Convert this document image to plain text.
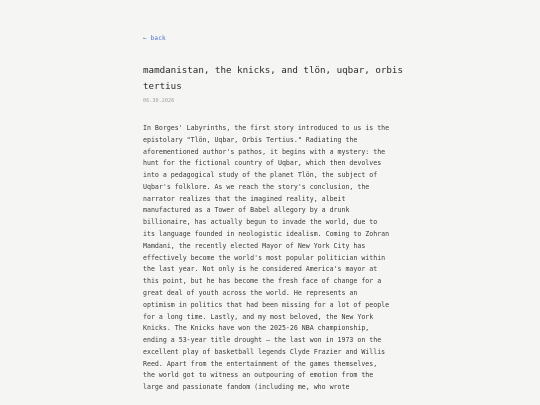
← back
mamdanistan, the knicks, and tlön, uqbar, orbis
tertius
06.30.2026

In Borges' Labyrinths, the first story introduced to us is the
epistolary "Tlön, Uqbar, Orbis Tertius." Radiating the
aforementioned author's pathos, it begins with a mystery: the
hunt for the fictional country of Uqbar, which then devolves
into a pedagogical study of the planet Tlön, the subject of
Uqbar's folklore. As we reach the story's conclusion, the
narrator realizes that the imagined reality, albeit
manufactured as a Tower of Babel allegory by a drunk
billionaire, has actually begun to invade the world, due to
its language founded in neologistic idealism. Coming to Zohran
Mamdani, the recently elected Mayor of New York City has
effectively become the world's most popular politician within
the last year. Not only is he considered America's mayor at
this point, but he has become the fresh face of change for a
great deal of youth across the world. He represents an
optimism in politics that had been missing for a lot of people
for a long time. Lastly, and my most beloved, the New York
Knicks. The Knicks have won the 2025-26 NBA championship,
ending a 53-year title drought — the last won in 1973 on the
excellent play of basketball legends Clyde Frazier and Willis
Reed. Apart from the entertainment of the games themselves,
the world got to witness an outpouring of emotion from the
large and passionate fandom (including me, who wrote
